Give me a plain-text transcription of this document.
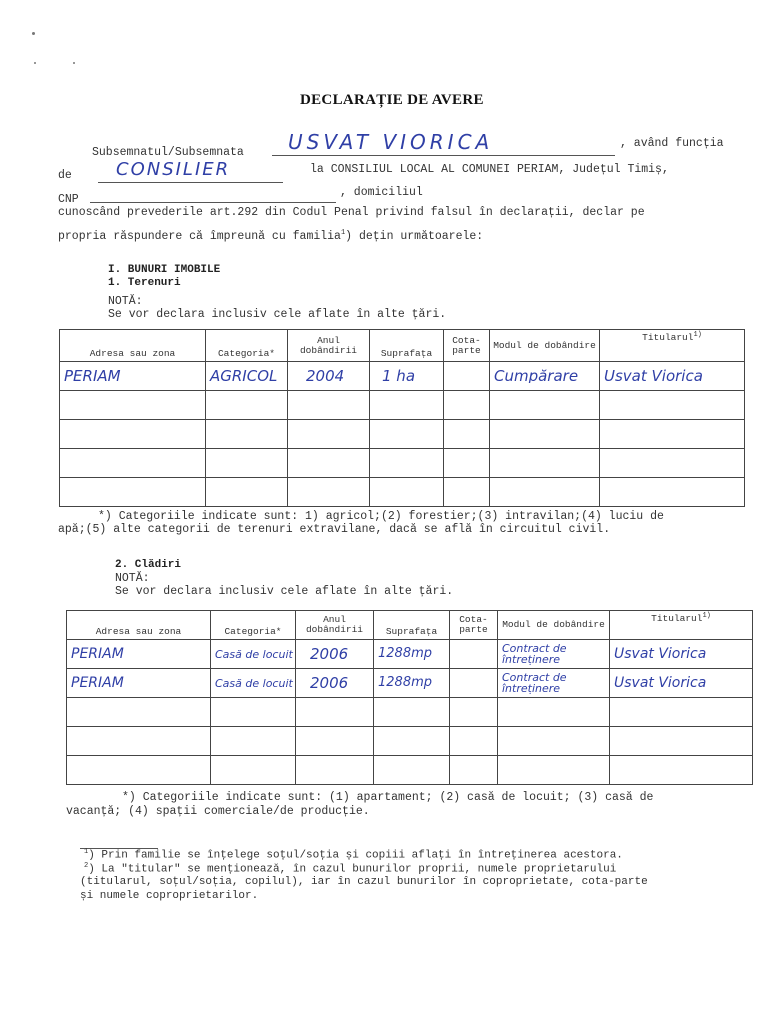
DECLARAȚIE DE AVERE
Subsemnatul/Subsemnata	USVAT VIORICA	, având funcția
de	CONSILIER	la CONSILIUL LOCAL AL COMUNEI PERIAM, Județul Timiș,
CNP
, domiciliul
cunoscând prevederile art.292 din Codul Penal privind falsul în declarații, declar pe
propria răspundere că împreună cu familia$^1$) dețin următoarele:
I. BUNURI IMOBILE
1. Terenuri
NOTĂ:
Se vor declara inclusiv cele aflate în alte țări.
Adresa sau zona	Categoria*	Anul dobândirii	Suprafața	Cota-parte	Modul de dobândire	Titularul$^{1)}$

PERIAM	AGRICOL	2004	1 ha		Cumpărare	Usvat Viorica

*) Categoriile indicate sunt: 1) agricol;(2) forestier;(3) intravilan;(4) luciu de
apă;(5) alte categorii de terenuri extravilane, dacă se află în circuitul civil.
2. Clădiri
NOTĂ:
Se vor declara inclusiv cele aflate în alte țări.
Adresa sau zona	Categoria*	Anul dobândirii	Suprafața	Cota-parte	Modul de dobândire	Titularul$^{1)}$

PERIAM	Casă de locuit	2006	1288mp		Contract de întreținere	Usvat Viorica

PERIAM	Casă de locuit	2006	1288mp		Contract de întreținere	Usvat Viorica

*) Categoriile indicate sunt: (1) apartament; (2) casă de locuit; (3) casă de
vacanță; (4) spații comerciale/de producție.
$^1$) Prin familie se înțelege soțul/soția și copiii aflați în întreținerea acestora.
$^2$) La "titular" se menționează, în cazul bunurilor proprii, numele proprietarului
(titularul, soțul/soția, copilul), iar în cazul bunurilor în coproprietate, cota-parte
și numele coproprietarilor.
